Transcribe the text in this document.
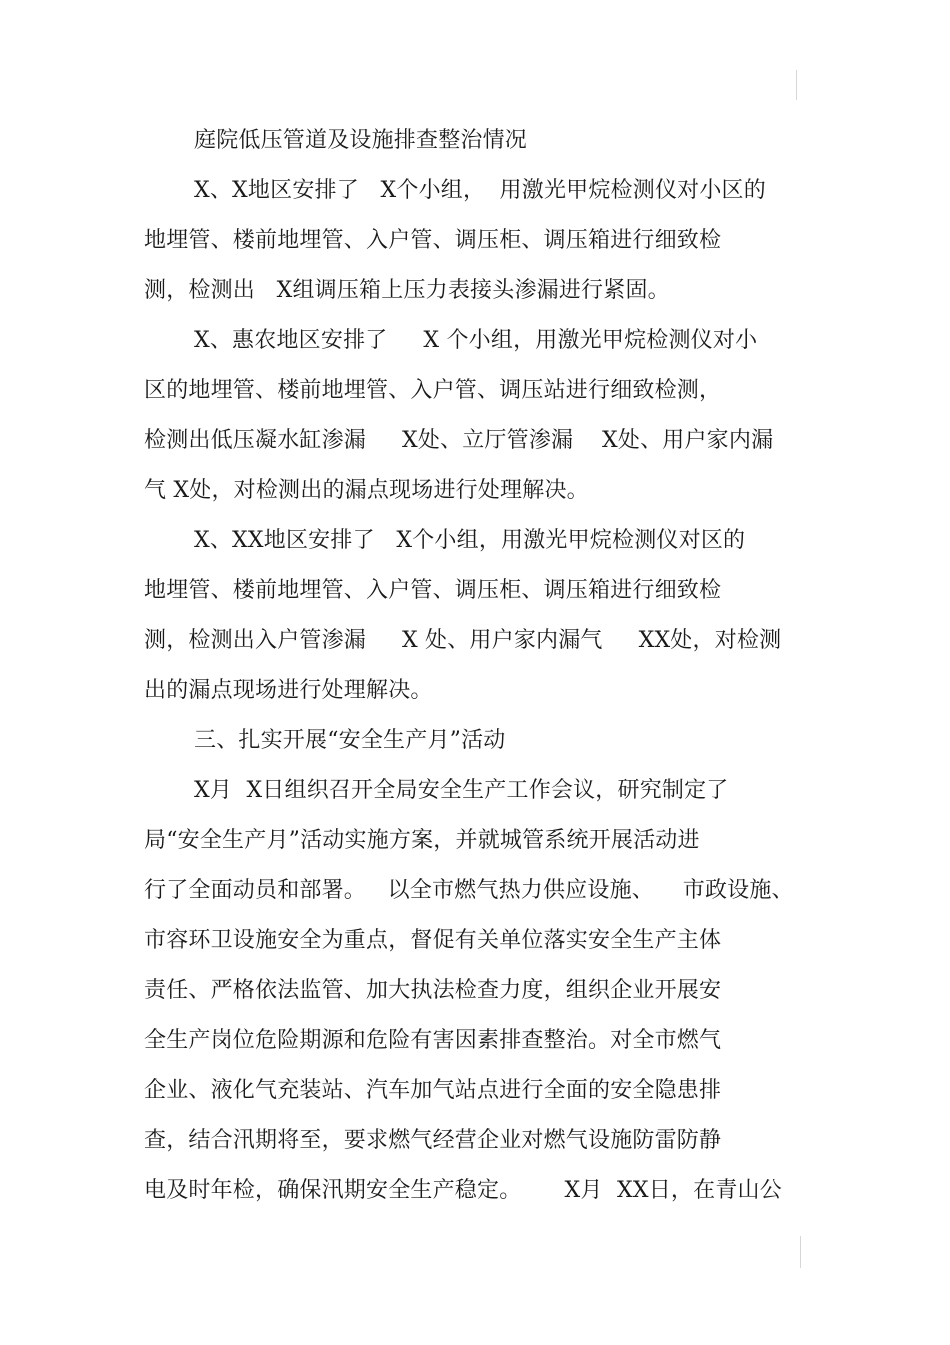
庭院低压管道及设施排查整治情况
X、X地区安排了   X个小组，  用激光甲烷检测仪对小区的
地埋管、楼前地埋管、入户管、调压柜、调压箱进行细致检
测，检测出   X组调压箱上压力表接头渗漏进行紧固。
X、惠农地区安排了     X 个小组，用激光甲烷检测仪对小
区的地埋管、楼前地埋管、入户管、调压站进行细致检测，
检测出低压凝水缸渗漏     X处、立厅管渗漏    X处、用户家内漏
气 X处，对检测出的漏点现场进行处理解决。
X、XX地区安排了   X个小组，用激光甲烷检测仪对区的
地埋管、楼前地埋管、入户管、调压柜、调压箱进行细致检
测，检测出入户管渗漏     X 处、用户家内漏气     XX处，对检测
出的漏点现场进行处理解决。
三、扎实开展“安全生产月”活动
X月  X日组织召开全局安全生产工作会议，研究制定了
局“安全生产月”活动实施方案，并就城管系统开展活动进
行了全面动员和部署。   以全市燃气热力供应设施、    市政设施、
市容环卫设施安全为重点，督促有关单位落实安全生产主体
责任、严格依法监管、加大执法检查力度，组织企业开展安
全生产岗位危险期源和危险有害因素排查整治。对全市燃气
企业、液化气充装站、汽车加气站点进行全面的安全隐患排
查，结合汛期将至，要求燃气经营企业对燃气设施防雷防静
电及时年检，确保汛期安全生产稳定。      X月  XX日，在青山公
